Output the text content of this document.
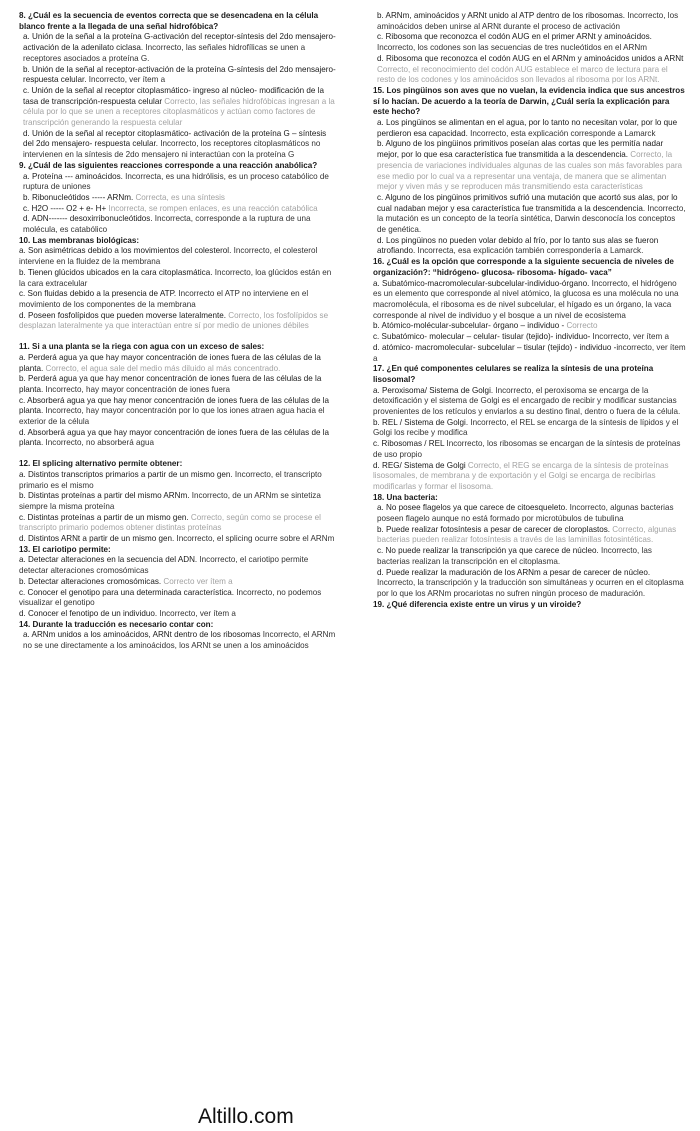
8. ¿Cuál es la secuencia de eventos correcta que se desencadena en la célula blanco frente a la llegada de una señal hidrofóbica?

a. Unión de la señal a la proteína G-activación del receptor-síntesis del 2do mensajero-activación de la adenilato ciclasa. Incorrecto, las señales hidrofílicas se unen a receptores asociados a proteína G.

b. Unión de la señal al receptor-activación de la proteína G-síntesis del 2do mensajero-respuesta celular. Incorrecto, ver ítem a

c. Unión de la señal al receptor citoplasmático- ingreso al núcleo- modificación de la tasa de transcripción-respuesta celular Correcto, las señales hidrofóbicas ingresan a la célula por lo que se unen a receptores citoplasmáticos y actúan como factores de transcripción generando la respuesta celular

d. Unión de la señal al receptor citoplasmático- activación de la proteína G – síntesis del 2do mensajero- respuesta celular. Incorrecto, los receptores citoplasmáticos no intervienen en la síntesis de 2do mensajero ni interactúan con la proteína G

9. ¿Cuál de las siguientes reacciones corresponde a una reacción anabólica?

a. Proteína --- aminoácidos. Incorrecta, es una hidrólisis, es un proceso catabólico de ruptura de uniones

b. Ribonucleótidos ----- ARNm. Correcta, es una síntesis

c. H2O ----- O2 + e- H+ Incorrecta, se rompen enlaces, es una reacción catabólica

d. ADN------- desoxirribonucleótidos. Incorrecta, corresponde a la ruptura de una molécula, es catabólico

10. Las membranas biológicas:

a. Son asimétricas debido a los movimientos del colesterol. Incorrecto, el colesterol interviene en la fluidez de la membrana

b. Tienen glúcidos ubicados en la cara citoplasmática. Incorrecto, loa glúcidos están en la cara extracelular

c. Son fluidas debido a la presencia de ATP. Incorrecto el ATP no interviene en el movimiento de los componentes de la membrana

d. Poseen fosfolípidos que pueden moverse lateralmente. Correcto, los fosfolípidos se desplazan lateralmente ya que interactúan entre sí por medio de uniones débiles

11. Si a una planta se la riega con agua con un exceso de sales:

a. Perderá agua ya que hay mayor concentración de iones fuera de las células de la planta. Correcto, el agua sale del medio más diluido al más concentrado.

b. Perderá agua ya que hay menor concentración de iones fuera de las células de la planta. Incorrecto, hay mayor concentración de iones fuera

c. Absorberá agua ya que hay menor concentración de iones fuera de las células de la planta. Incorrecto, hay mayor concentración por lo que los iones atraen agua hacia el exterior de la célula

d. Absorberá agua ya que hay mayor concentración de iones fuera de las células de la planta. Incorrecto, no absorberá agua

12. El splicing alternativo permite obtener:

a. Distintos transcriptos primarios a partir de un mismo gen. Incorrecto, el transcripto primario es el mismo

b. Distintas proteínas a partir del mismo ARNm. Incorrecto, de un ARNm se sintetiza siempre la misma proteína

c. Distintas proteínas a partir de un mismo gen. Correcto, según como se procese el transcripto primario podemos obtener distintas proteínas

d. Distintos ARNt a partir de un mismo gen. Incorrecto, el splicing ocurre sobre el ARNm

13. El cariotipo permite:

a. Detectar alteraciones en la secuencia del ADN. Incorrecto, el cariotipo permite detectar alteraciones cromosómicas

b. Detectar alteraciones cromosómicas. Correcto ver ítem a

c. Conocer el genotipo para una determinada característica. Incorrecto, no podemos visualizar el genotipo

d. Conocer el fenotipo de un individuo. Incorrecto, ver ítem a

14. Durante la traducción es necesario contar con:

a. ARNm unidos a los aminoácidos, ARNt dentro de los ribosomas Incorrecto, el ARNm no se une directamente a los aminoácidos, los ARNt se unen a los aminoácidos

b. ARNm, aminoácidos y ARNt unido al ATP dentro de los ribosomas. Incorrecto, los aminoácidos deben unirse al ARNt durante el proceso de activación

c. Ribosoma que reconozca el codón AUG en el primer ARNt y aminoácidos. Incorrecto, los codones son las secuencias de tres nucleótidos en el ARNm

d. Ribosoma que reconozca el codón AUG en el ARNm y aminoácidos unidos a ARNt Correcto, el reconocimiento del codón AUG establece el marco de lectura para el resto de los codones y los aminoácidos son llevados al ribosoma por los ARNt.

15. Los pingüinos son aves que no vuelan, la evidencia indica que sus ancestros sí lo hacían. De acuerdo a la teoría de Darwin, ¿Cuál sería la explicación para este hecho?

a. Los pingüinos se alimentan en el agua, por lo tanto no necesitan volar, por lo que perdieron esa capacidad. Incorrecto, esta explicación corresponde a Lamarck

b. Alguno de los pingüinos primitivos poseían alas cortas que les permitía nadar mejor, por lo que esa característica fue transmitida a la descendencia. Correcto, la presencia de variaciones individuales algunas de las cuales son más favorables para ese medio por lo cual va a representar una ventaja, de manera que se alimentan mejor y viven más y se reproducen más transmitiendo esta características

c. Alguno de los pingüinos primitivos sufrió una mutación que acortó sus alas, por lo cual nadaban mejor y esa característica fue transmitida a la descendencia. Incorrecto, la mutación es un concepto de la teoría sintética, Darwin desconocía los conceptos de genética.

d. Los pingüinos no pueden volar debido al frío, por lo tanto sus alas se fueron atrofiando. Incorrecta, esa explicación también correspondería a Lamarck.

16. ¿Cuál es la opción que corresponde a la siguiente secuencia de niveles de organización?: “hidrógeno- glucosa- ribosoma- hígado- vaca”

a. Subatómico-macromolecular-subcelular-individuo-órgano. Incorrecto, el hidrógeno es un elemento que corresponde al nivel atómico, la glucosa es una molécula no una macromolécula, el ribosoma es de nivel subcelular, el hígado es un órgano, la vaca corresponde al nivel de individuo y el bosque a un nivel de ecosistema

b. Atómico-molécular-subcelular- órgano – individuo - Correcto

c. Subatómico- molecular – celular- tisular (tejido)- individuo- Incorrecto, ver ítem a

d. atómico- macromolecular- subcelular – tisular (tejido) - individuo -incorrecto, ver ítem a

17. ¿En qué componentes celulares se realiza la síntesis de una proteína lisosomal?

a. Peroxisoma/ Sistema de Golgi. Incorrecto, el peroxisoma se encarga de la detoxificación y el sistema de Golgi es el encargado de recibir y modificar sustancias provenientes de los retículos y enviarlos a su destino final, dentro o fuera de la célula.

b. REL / Sistema de Golgi. Incorrecto, el REL se encarga de la síntesis de lípidos y el Golgi los recibe y modifica

c. Ribosomas / REL Incorrecto, los ribosomas se encargan de la síntesis de proteínas de uso propio

d. REG/ Sistema de Golgi Correcto, el REG se encarga de la síntesis de proteínas lisosomales, de membrana y de exportación y el Golgi se encarga de recibirlas modificarlas y formar el lisosoma.

18. Una bacteria:

a. No posee flagelos ya que carece de citoesqueleto. Incorrecto, algunas bacterias poseen flagelo aunque no está formado por microtúbulos de tubulina

b. Puede realizar fotosíntesis a pesar de carecer de cloroplastos. Correcto, algunas bacterias pueden realizar fotosíntesis a través de las laminillas fotosintéticas.

c. No puede realizar la transcripción ya que carece de núcleo. Incorrecto, las bacterias realizan la transcripción en el citoplasma.

d. Puede realizar la maduración de los ARNm a pesar de carecer de núcleo. Incorrecto, la transcripción y la traducción son simultáneas y ocurren en el citoplasma por lo que los ARNm procariotas no sufren ningún proceso de maduración.

19. ¿Qué diferencia existe entre un virus y un viroide?

Altillo.com
